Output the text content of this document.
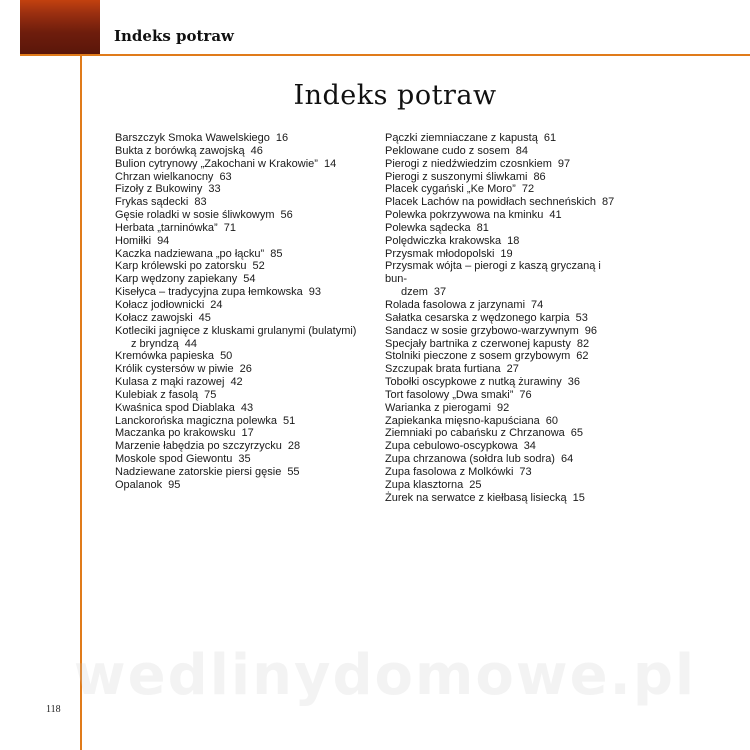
Indeks potraw
Indeks potraw
Barszczyk Smoka Wawelskiego 16
Bukta z borówką zawojską 46
Bulion cytrynowy „Zakochani w Krakowie” 14
Chrzan wielkanocny 63
Fizoły z Bukowiny 33
Frykas sądecki 83
Gęsie roladki w sosie śliwkowym 56
Herbata „tarninówka” 71
Homiłki 94
Kaczka nadziewana „po łącku” 85
Karp królewski po zatorsku 52
Karp wędzony zapiekany 54
Kisełyca – tradycyjna zupa łemkowska 93
Kołacz jodłownicki 24
Kołacz zawojski 45
Kotleciki jagnięce z kluskami grulanymi (bulatymi)
z bryndzą 44
Kremówka papieska 50
Królik cystersów w piwie 26
Kulasa z mąki razowej 42
Kulebiak z fasolą 75
Kwaśnica spod Diablaka 43
Lanckorońska magiczna polewka 51
Maczanka po krakowsku 17
Marzenie łabędzia po szczyrzycku 28
Moskole spod Giewontu 35
Nadziewane zatorskie piersi gęsie 55
Opalanok 95
Pączki ziemniaczane z kapustą 61
Peklowane cudo z sosem 84
Pierogi z niedźwiedzim czosnkiem 97
Pierogi z suszonymi śliwkami 86
Placek cygański „Ke Moro” 72
Placek Lachów na powidłach sechneńskich 87
Polewka pokrzywowa na kminku 41
Polewka sądecka 81
Polędwiczka krakowska 18
Przysmak młodopolski 19
Przysmak wójta – pierogi z kaszą gryczaną i bun-
dzem 37
Rolada fasolowa z jarzynami 74
Sałatka cesarska z wędzonego karpia 53
Sandacz w sosie grzybowo-warzywnym 96
Specjały bartnika z czerwonej kapusty 82
Stolniki pieczone z sosem grzybowym 62
Szczupak brata furtiana 27
Tobołki oscypkowe z nutką żurawiny 36
Tort fasolowy „Dwa smaki” 76
Warianka z pierogami 92
Zapiekanka mięsno-kapuściana 60
Ziemniaki po cabańsku z Chrzanowa 65
Zupa cebulowo-oscypkowa 34
Zupa chrzanowa (sołdra lub sodra) 64
Zupa fasolowa z Molkówki 73
Zupa klasztorna 25
Żurek na serwatce z kiełbasą lisiecką 15
wedlinydomowe.pl
118
